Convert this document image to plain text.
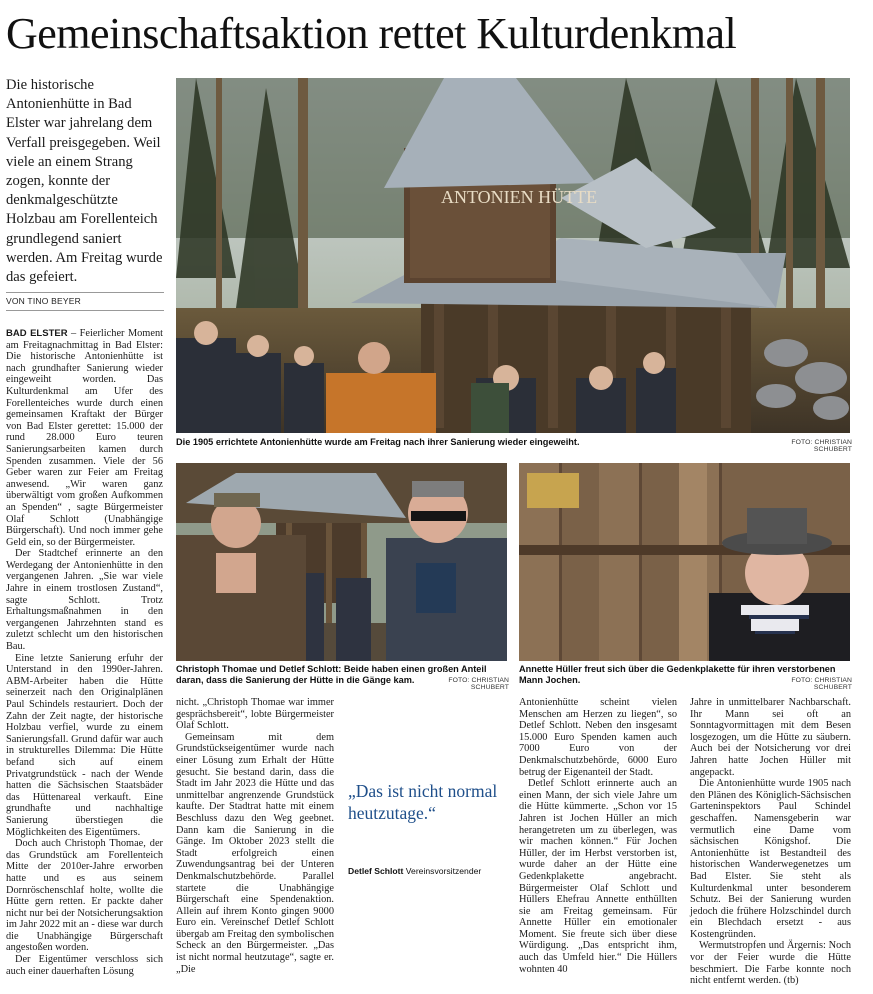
Gemeinschaftsaktion rettet Kulturdenkmal
Die historische Antonienhütte in Bad Elster war jahrelang dem Verfall preisgegeben. Weil viele an einem Strang zogen, konnte der denkmalgeschützte Holzbau am Forellenteich grundlegend saniert werden. Am Freitag wurde das gefeiert.
VON TINO BEYER
ANTONIEN HÜTTE
Die 1905 errichtete Antonienhütte wurde am Freitag nach ihrer Sanierung wieder eingeweiht.	FOTO: CHRISTIAN SCHUBERT
Christoph Thomae und Detlef Schlott: Beide haben einen großen Anteil daran, dass die Sanierung der Hütte in die Gänge kam.	FOTO: CHRISTIAN SCHUBERT
Annette Hüller freut sich über die Gedenkplakette für ihren verstorbenen Mann Jochen.	FOTO: CHRISTIAN SCHUBERT

BAD ELSTER – Feierlicher Moment am Freitagnachmittag in Bad Elster: Die historische Antonienhütte ist nach grundhafter Sanierung wieder eingeweiht worden. Das Kulturdenkmal am Ufer des Forellenteiches wurde durch einen gemeinsamen Kraftakt der Bürger von Bad Elster gerettet: 15.000 der rund 28.000 Euro teuren Sanierungsarbeiten kamen durch Spenden zusammen. Viele der 56 Geber waren zur Feier am Freitag anwesend. „Wir waren ganz überwältigt vom großen Aufkommen an Spenden“ , sagte Bürgermeister Olaf Schlott (Unabhängige Bürgerschaft). Und noch immer gehe Geld ein, so der Bürgermeister.

Der Stadtchef erinnerte an den Werdegang der Antonienhütte in den vergangenen Jahren. „Sie war viele Jahre in einem trostlosen Zustand“, sagte Schlott. Trotz Erhaltungsmaßnahmen in den vergangenen Jahrzehnten stand es zuletzt schlecht um den historischen Bau.

Eine letzte Sanierung erfuhr der Unterstand in den 1990er-Jahren. ABM-Arbeiter haben die Hütte seinerzeit nach den Originalplänen Paul Schindels restauriert. Doch der Zahn der Zeit nagte, der historische Holzbau verfiel, wurde zu einem Sanierungsfall. Grund dafür war auch in strukturelles Dilemma: Die Hütte befand sich auf einem Privatgrundstück - nach der Wende hatten die Sächsischen Staatsbäder das Hüttenareal verkauft. Eine grundhafte und nachhaltige Sanierung überstiegen die Möglichkeiten des Eigentümers.

Doch auch Christoph Thomae, der das Grundstück am Forellenteich Mitte der 2010er-Jahre erworben hatte und es aus seinem Dornröschenschlaf holte, wollte die Hütte gern retten. Er packte daher nicht nur bei der Notsicherungsaktion im Jahr 2022 mit an - diese war durch die Unabhängige Bürgerschaft angestoßen worden.

Der Eigentümer verschloss sich auch einer dauerhaften Lösung

nicht. „Christoph Thomae war immer gesprächsbereit“, lobte Bürgermeister Olaf Schlott.

Gemeinsam mit dem Grundstückseigentümer wurde nach einer Lösung zum Erhalt der Hütte gesucht. Sie bestand darin, dass die Stadt im Jahr 2023 die Hütte und das unmittelbar angrenzende Grundstück kaufte. Der Stadtrat hatte mit einem Beschluss dazu den Weg geebnet. Dann kam die Sanierung in die Gänge. Im Oktober 2023 stellt die Stadt erfolgreich einen Zuwendungsantrag bei der Unteren Denkmalschutzbehörde. Parallel startete die Unabhängige Bürgerschaft eine Spendenaktion. Allein auf ihrem Konto gingen 9000 Euro ein. Vereinschef Detlef Schlott übergab am Freitag den symbolischen Scheck an den Bürgermeister. „Das ist nicht normal heutzutage“, sagte er. „Die

„Das ist nicht normal heutzutage.“
Detlef Schlott Vereinsvorsitzender

Antonienhütte scheint vielen Menschen am Herzen zu liegen“, so Detlef Schlott. Neben den insgesamt 15.000 Euro Spenden kamen auch 7000 Euro von der Denkmalschutzbehörde, 6000 Euro betrug der Eigenanteil der Stadt.

Detlef Schlott erinnerte auch an einen Mann, der sich viele Jahre um die Hütte kümmerte. „Schon vor 15 Jahren ist Jochen Hüller an mich herangetreten um zu überlegen, was wir machen können.“ Für Jochen Hüller, der im Herbst verstorben ist, wurde daher an der Hütte eine Gedenkplakette angebracht. Bürgermeister Olaf Schlott und Hüllers Ehefrau Annette enthüllten sie am Freitag gemeinsam. Für Annette Hüller ein emotionaler Moment. Sie freute sich über diese Würdigung. „Das entspricht ihm, auch das Umfeld hier.“ Die Hüllers wohnten 40

Jahre in unmittelbarer Nachbarschaft. Ihr Mann sei oft an Sonntagvormittagen mit dem Besen losgezogen, um die Hütte zu säubern. Auch bei der Notsicherung vor drei Jahren hatte Jochen Hüller mit angepackt.

Die Antonienhütte wurde 1905 nach den Plänen des Königlich-Sächsischen Garteninspektors Paul Schindel geschaffen. Namensgeberin war vermutlich eine Dame vom sächsischen Königshof. Die Antonienhütte ist Bestandteil des historischen Wanderwegenetzes um Bad Elster. Sie steht als Kulturdenkmal unter besonderem Schutz. Bei der Sanierung wurden jedoch die frühere Holzschindel durch ein Blechdach ersetzt - aus Kostengründen.

Wermutstropfen und Ärgernis: Noch vor der Feier wurde die Hütte beschmiert. Die Farbe konnte noch nicht entfernt werden. (tb)
